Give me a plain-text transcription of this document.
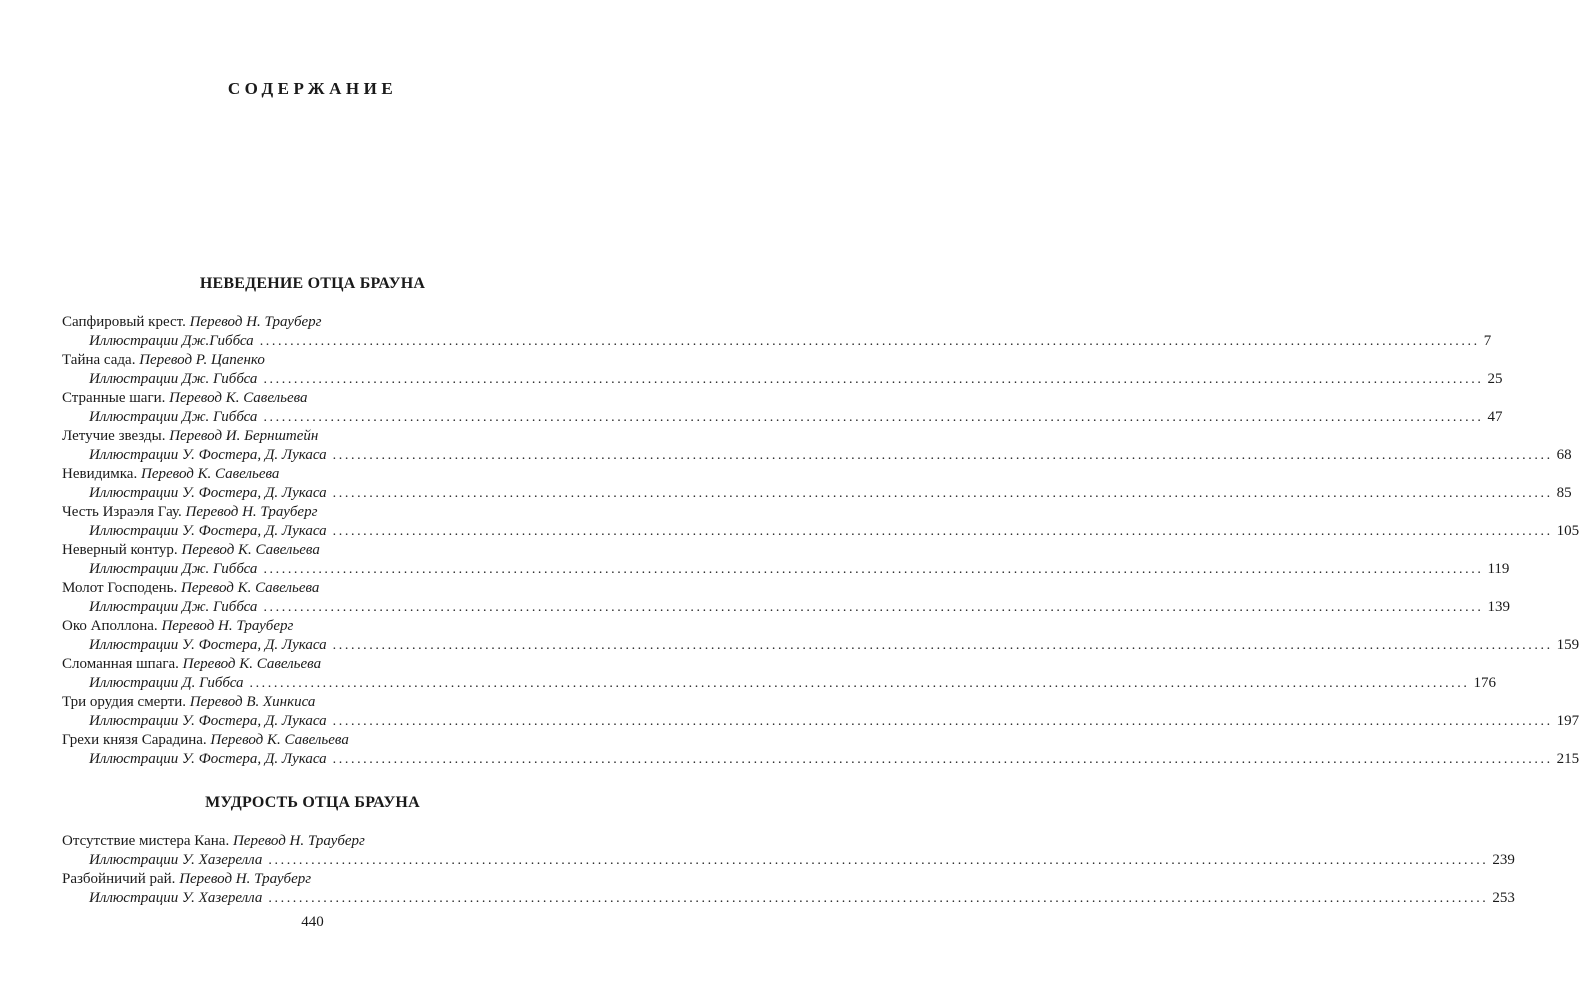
СОДЕРЖАНИЕ
НЕВЕДЕНИЕ ОТЦА БРАУНА
Сапфировый крест. Перевод Н. Трауберг
Иллюстрации Дж.Гиббса ........................................................................................................................................................................................................ 7
Тайна сада. Перевод Р. Цапенко
Иллюстрации Дж. Гиббса ........................................................................................................................................................................................................ 25
Странные шаги. Перевод К. Савельева
Иллюстрации Дж. Гиббса ........................................................................................................................................................................................................ 47
Летучие звезды. Перевод И. Бернштейн
Иллюстрации У. Фостера, Д. Лукаса ........................................................................................................................................................................................................ 68
Невидимка. Перевод К. Савельева
Иллюстрации У. Фостера, Д. Лукаса ........................................................................................................................................................................................................ 85
Честь Израэля Гау. Перевод Н. Трауберг
Иллюстрации У. Фостера, Д. Лукаса ........................................................................................................................................................................................................ 105
Неверный контур. Перевод К. Савельева
Иллюстрации Дж. Гиббса ........................................................................................................................................................................................................ 119
Молот Господень. Перевод К. Савельева
Иллюстрации Дж. Гиббса ........................................................................................................................................................................................................ 139
Око Аполлона. Перевод Н. Трауберг
Иллюстрации У. Фостера, Д. Лукаса ........................................................................................................................................................................................................ 159
Сломанная шпага. Перевод К. Савельева
Иллюстрации Д. Гиббса ........................................................................................................................................................................................................ 176
Три орудия смерти. Перевод В. Хинкиса
Иллюстрации У. Фостера, Д. Лукаса ........................................................................................................................................................................................................ 197
Грехи князя Сарадина. Перевод К. Савельева
Иллюстрации У. Фостера, Д. Лукаса ........................................................................................................................................................................................................ 215
МУДРОСТЬ ОТЦА БРАУНА
Отсутствие мистера Кана. Перевод Н. Трауберг
Иллюстрации У. Хазерелла ........................................................................................................................................................................................................ 239
Разбойничий рай. Перевод Н. Трауберг
Иллюстрации У. Хазерелла ........................................................................................................................................................................................................ 253
440
